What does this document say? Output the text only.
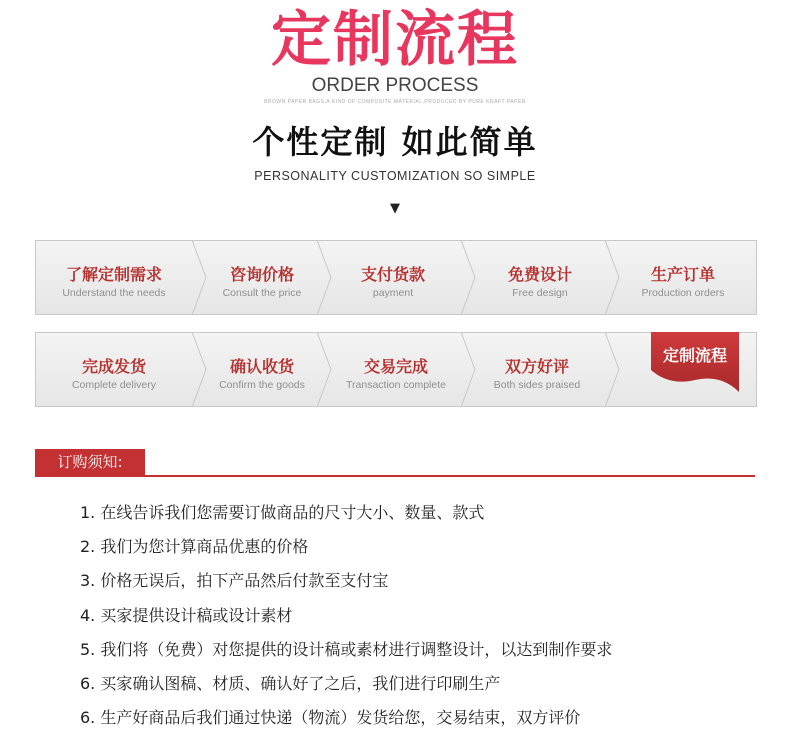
定制流程
ORDER PROCESS
BROWN PAPER BAGS,A KIND OF COMPOSITE MATERIAL,PRODUCED BY PURE KRAFT PAPER
个性定制 如此简单
PERSONALITY CUSTOMIZATION SO SIMPLE
▼
了解定制需求
Understand the needs
咨询价格
Consult the price
支付货款
payment
免费设计
Free design
生产订单
Production orders
完成发货
Complete delivery
确认收货
Confirm the goods
交易完成
Transaction complete
双方好评
Both sides praised
定制流程
订购须知:
1. 在线告诉我们您需要订做商品的尺寸大小、数量、款式
2. 我们为您计算商品优惠的价格
3. 价格无误后，拍下产品然后付款至支付宝
4. 买家提供设计稿或设计素材
5. 我们将（免费）对您提供的设计稿或素材进行调整设计，以达到制作要求
6. 买家确认图稿、材质、确认好了之后，我们进行印刷生产
6. 生产好商品后我们通过快递（物流）发货给您，交易结束，双方评价
